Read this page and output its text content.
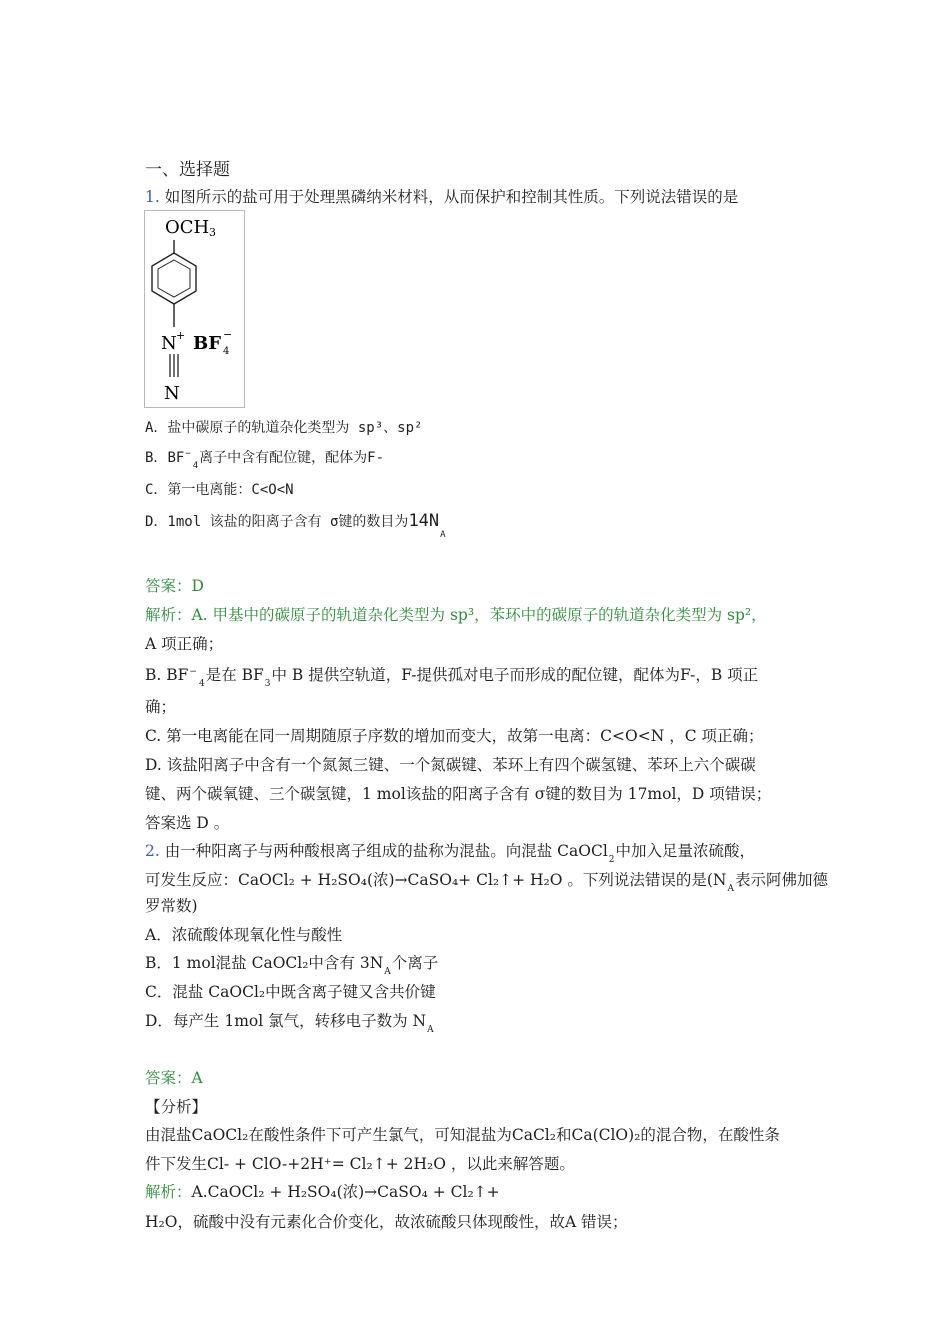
一、选择题
1. 如图所示的盐可用于处理黑磷纳米材料，从而保护和控制其性质。下列说法错误的是
OCH 3
N + BF 4
−
N
A．盐中碳原子的轨道杂化类型为 sp³、sp²
B．$BF^-_4$离子中含有配位键，配体为F-
C．第一电离能：C<O<N
D．1mol 该盐的阳离子含有 σ键的数目为$14N_A$
答案：D
解析：A. 甲基中的碳原子的轨道杂化类型为 sp³，苯环中的碳原子的轨道杂化类型为 sp²，
A 项正确；
B. $BF^-_4$是在 $BF_3$中 B 提供空轨道，F-提供孤对电子而形成的配位键，配体为F-，B 项正
确；
C. 第一电离能在同一周期随原子序数的增加而变大，故第一电离：C<O<N ，C 项正确；
D. 该盐阳离子中含有一个氮氮三键、一个氮碳键、苯环上有四个碳氢键、苯环上六个碳碳
键、两个碳氧键、三个碳氢键，1 mol该盐的阳离子含有 σ键的数目为 17mol，D 项错误；
答案选 D 。
2. 由一种阳离子与两种酸根离子组成的盐称为混盐。向混盐 CaOCl$_2$中加入足量浓硫酸，
可发生反应：CaOCl₂ + H₂SO₄(浓)→CaSO₄+ Cl₂↑+ H₂O 。下列说法错误的是($N_A$表示阿佛加德
罗常数)
A．浓硫酸体现氧化性与酸性
B．1 mol混盐 CaOCl₂中含有 $3N_A$个离子
C．混盐 CaOCl₂中既含离子键又含共价键
D．每产生 1mol 氯气，转移电子数为 $N_A$
答案：A
【分析】
由混盐CaOCl₂在酸性条件下可产生氯气，可知混盐为CaCl₂和Ca(ClO)₂的混合物，在酸性条
件下发生Cl- + ClO-+2H⁺= Cl₂↑+ 2H₂O ，以此来解答题。
解析：A.CaOCl₂ + H₂SO₄(浓)→CaSO₄ + Cl₂↑+
H₂O，硫酸中没有元素化合价变化，故浓硫酸只体现酸性，故A 错误；
